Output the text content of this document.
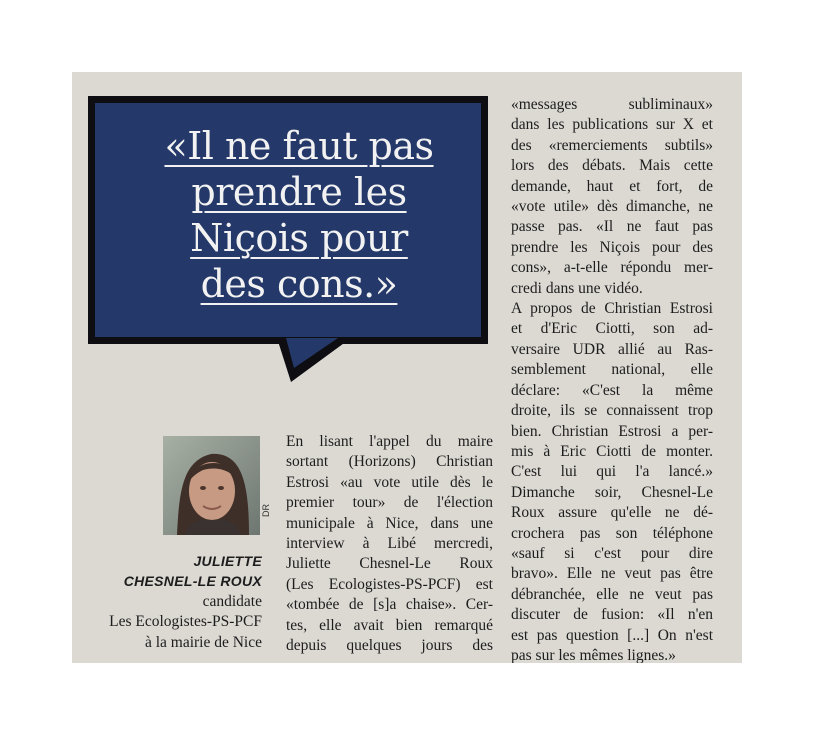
«Il ne faut pas
prendre les
Niçois pour
des cons.»
DR
JULIETTE
CHESNEL-LE ROUX
candidate
Les Ecologistes-PS-PCF
à la mairie de Nice
En lisant l'appel du maire
sortant (Horizons) Christian
Estrosi «au vote utile dès le
premier tour» de l'élection
municipale à Nice, dans une
interview à Libé mercredi,
Juliette Chesnel-Le Roux
(Les Ecologistes-PS-PCF) est
«tombée de [s]a chaise». Cer-
tes, elle avait bien remarqué
depuis quelques jours des
«messages subliminaux»
dans les publications sur X et
des «remerciements subtils»
lors des débats. Mais cette
demande, haut et fort, de
«vote utile» dès dimanche, ne
passe pas. «Il ne faut pas
prendre les Niçois pour des
cons», a-t-elle répondu mer-
credi dans une vidéo.
A propos de Christian Estrosi
et d'Eric Ciotti, son ad-
versaire UDR allié au Ras-
semblement national, elle
déclare: «C'est la même
droite, ils se connaissent trop
bien. Christian Estrosi a per-
mis à Eric Ciotti de monter.
C'est lui qui l'a lancé.»
Dimanche soir, Chesnel-Le
Roux assure qu'elle ne dé-
crochera pas son téléphone
«sauf si c'est pour dire
bravo». Elle ne veut pas être
débranchée, elle ne veut pas
discuter de fusion: «Il n'en
est pas question [...] On n'est
pas sur les mêmes lignes.»
